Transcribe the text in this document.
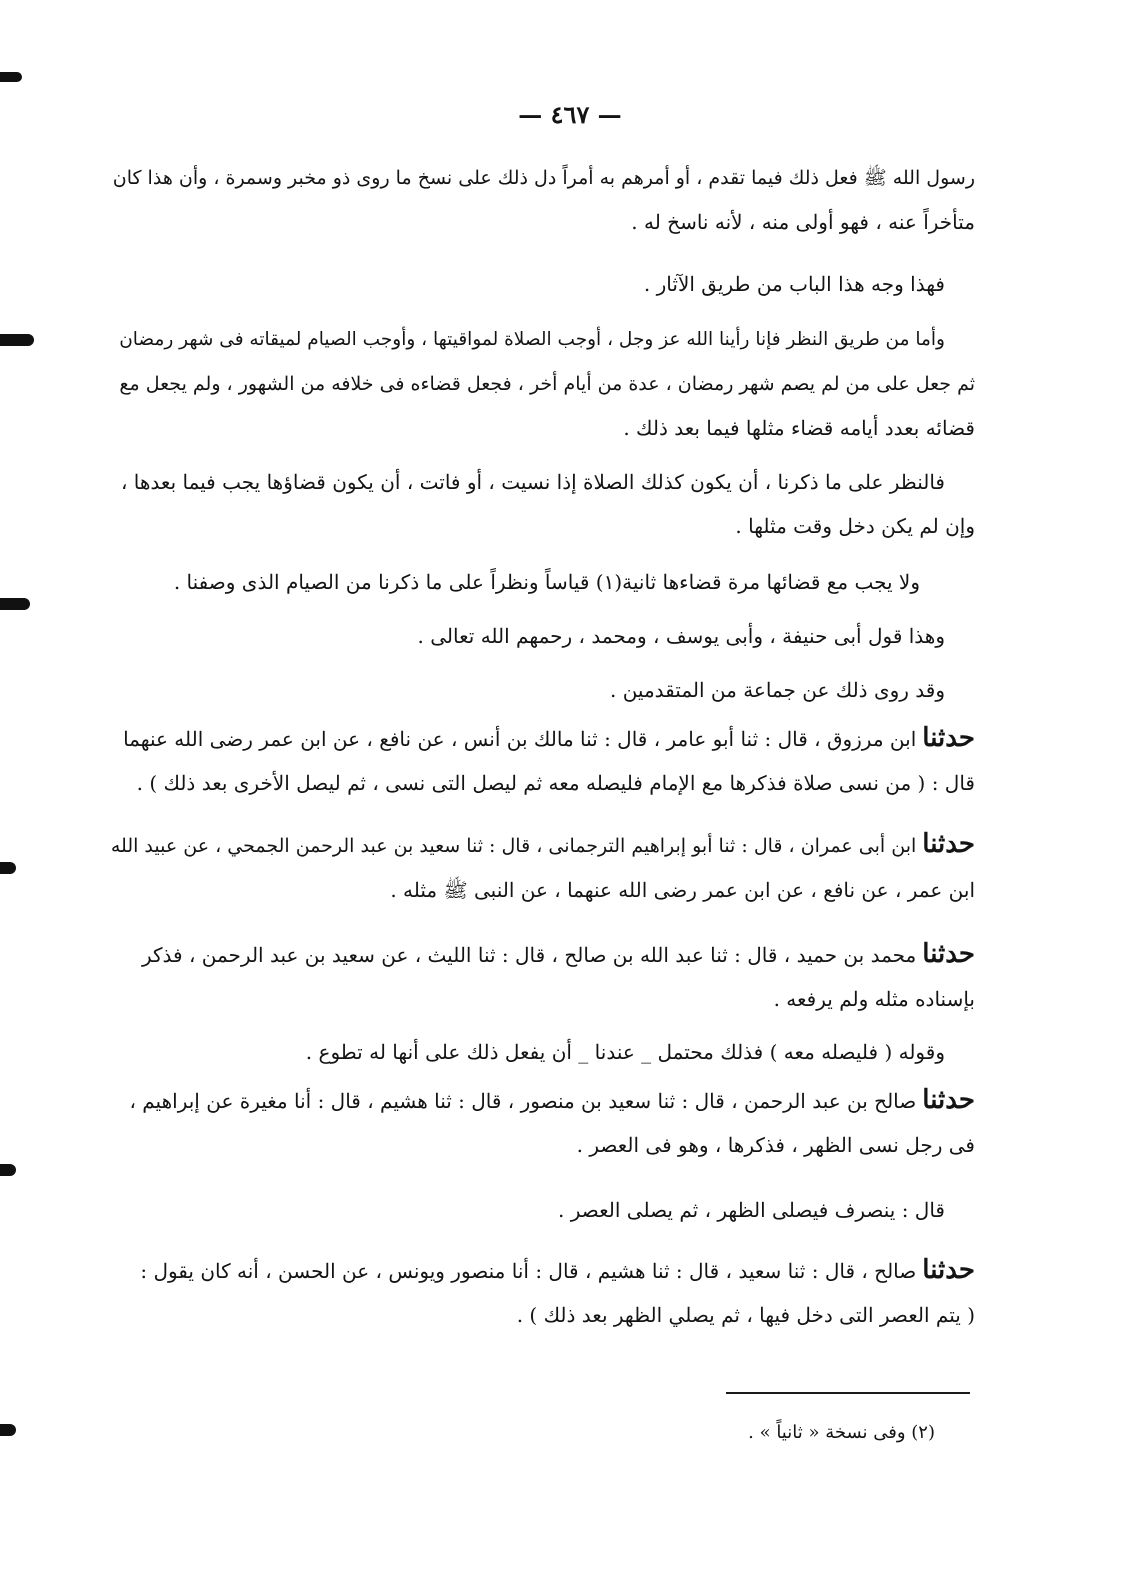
— ٤٦٧ —
رسول الله ﷺ فعل ذلك فيما تقدم ، أو أمرهم به أمراً دل ذلك على نسخ ما روى ذو مخبر وسمرة ، وأن هذا كان
متأخراً عنه ، فهو أولى منه ، لأنه ناسخ له .
فهذا وجه هذا الباب من طريق الآثار .
وأما من طريق النظر فإنا رأينا الله عز وجل ، أوجب الصلاة لمواقيتها ، وأوجب الصيام لميقاته فى شهر رمضان
ثم جعل على من لم يصم شهر رمضان ، عدة من أيام أخر ، فجعل قضاءه فى خلافه من الشهور ، ولم يجعل مع
قضائه بعدد أيامه قضاء مثلها فيما بعد ذلك .
فالنظر على ما ذكرنا ، أن يكون كذلك الصلاة إذا نسيت ، أو فاتت ، أن يكون قضاؤها يجب فيما بعدها ،
وإن لم يكن دخل وقت مثلها .
ولا يجب مع قضائها مرة قضاءها ثانية(١) قياساً ونظراً على ما ذكرنا من الصيام الذى وصفنا .
وهذا قول أبى حنيفة ، وأبى يوسف ، ومحمد ، رحمهم الله تعالى .
وقد روى ذلك عن جماعة من المتقدمين .
حدثناابن مرزوق ، قال : ثنا أبو عامر ، قال : ثنا مالك بن أنس ، عن نافع ، عن ابن عمر رضى الله عنهما
قال : ( من نسى صلاة فذكرها مع الإمام فليصله معه ثم ليصل التى نسى ، ثم ليصل الأخرى بعد ذلك ) .
حدثناابن أبى عمران ، قال : ثنا أبو إبراهيم الترجمانى ، قال : ثنا سعيد بن عبد الرحمن الجمحي ، عن عبيد الله
ابن عمر ، عن نافع ، عن ابن عمر رضى الله عنهما ، عن النبى ﷺ مثله .
حدثنامحمد بن حميد ، قال : ثنا عبد الله بن صالح ، قال : ثنا الليث ، عن سعيد بن عبد الرحمن ، فذكر
بإسناده مثله ولم يرفعه .
وقوله ( فليصله معه ) فذلك محتمل _ عندنا _ أن يفعل ذلك على أنها له تطوع .
حدثناصالح بن عبد الرحمن ، قال : ثنا سعيد بن منصور ، قال : ثنا هشيم ، قال : أنا مغيرة عن إبراهيم ،
فى رجل نسى الظهر ، فذكرها ، وهو فى العصر .
قال : ينصرف فيصلى الظهر ، ثم يصلى العصر .
حدثناصالح ، قال : ثنا سعيد ، قال : ثنا هشيم ، قال : أنا منصور ويونس ، عن الحسن ، أنه كان يقول :
( يتم العصر التى دخل فيها ، ثم يصلي الظهر بعد ذلك ) .
(٢) وفى نسخة « ثانياً » .
